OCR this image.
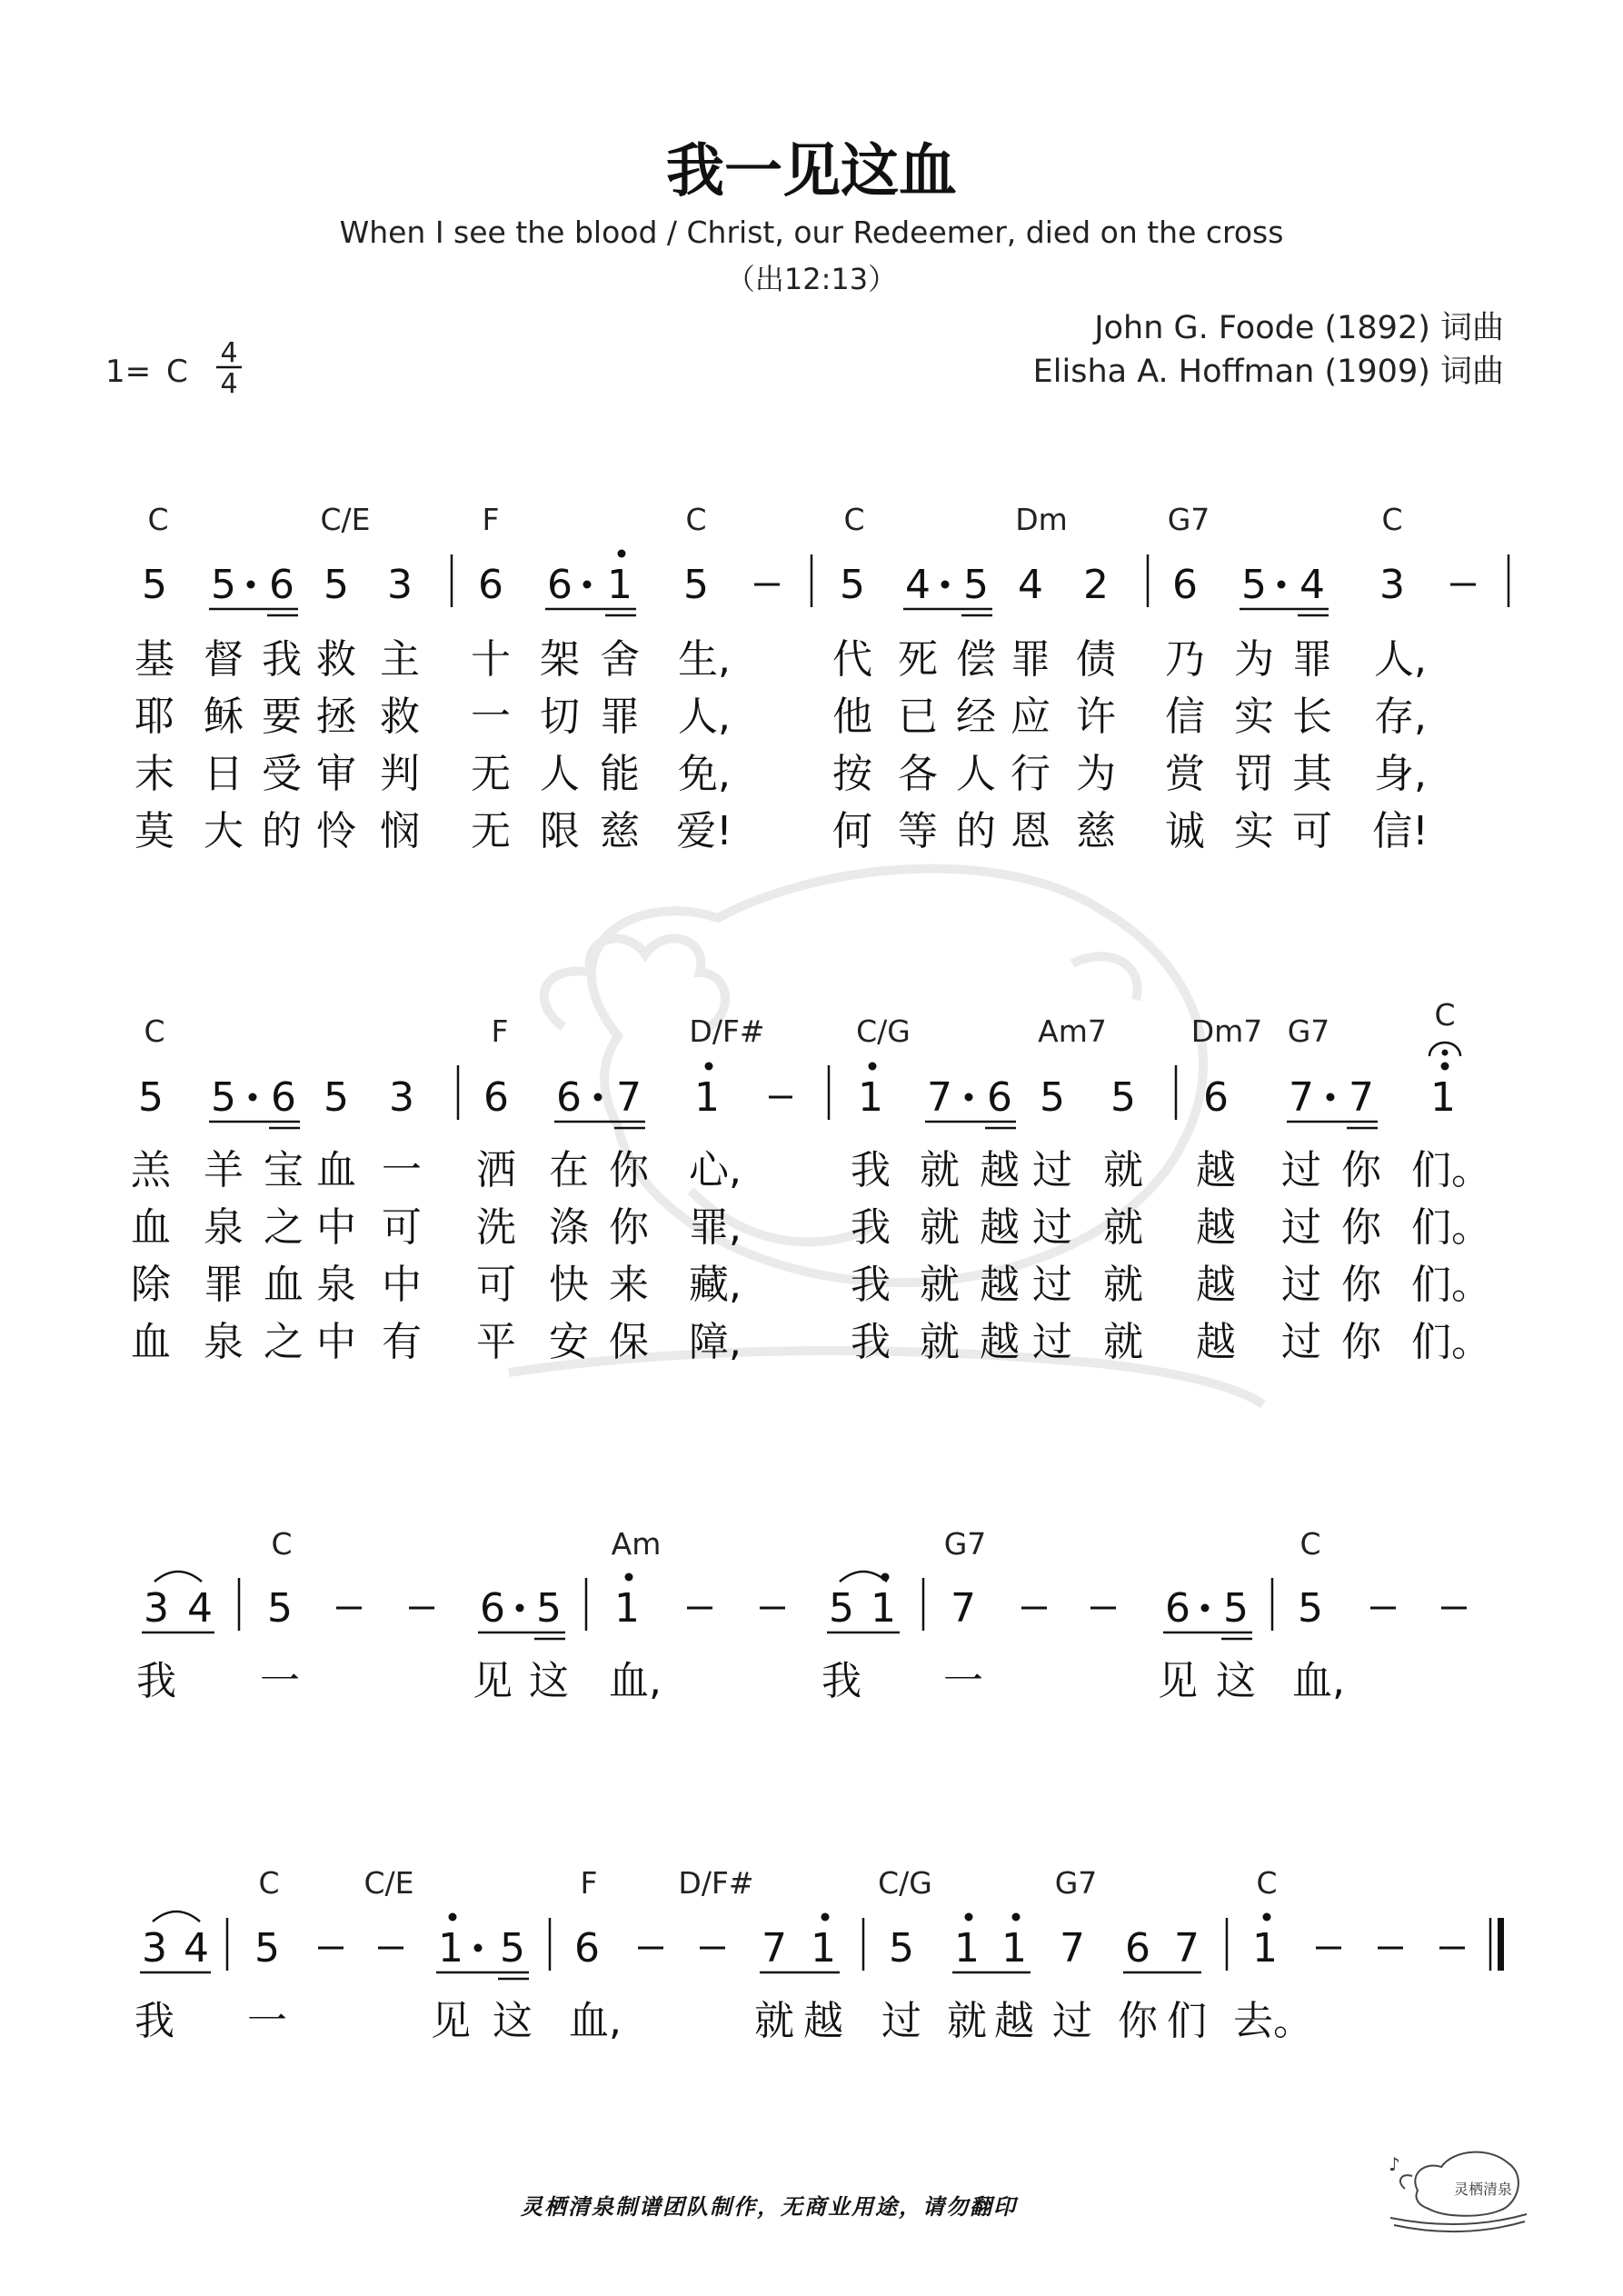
我一见这血
When I see the blood / Christ, our Redeemer, died on the cross
（出12:13）
John G. Foode (1892) 词曲
Elisha A. Hoffman (1909) 词曲
1= C
4
4
C	C/E	F	C	C	Dm	G7	C
5 5 6 5 3 6 6 1 5	5 4 5 4 2 6 5 4 3
基 督 我 救 主 十 架 舍 生,	代 死 偿 罪 债 乃 为 罪 人,
耶 稣 要 拯 救 一 切 罪 人,	他 已 经 应 许 信 实 长 存,
末 日 受 审 判 无 人 能 免,	按 各 人 行 为 赏 罚 其 身,
莫 大 的 怜 悯 无 限 慈 爱!	何 等 的 恩 慈 诚 实 可 信!
C	F	D/F#	C/G	Am7	Dm7 G7	C
5 5 6 5 3 6 6 7 1	1 7 6 5 5 6 7 7 1
羔 羊 宝 血 一 洒 在 你 心,	我 就 越 过 就 越 过 你 们。
血 泉 之 中 可 洗 涤 你 罪,	我 就 越 过 就 越 过 你 们。
除 罪 血 泉 中 可 快 来 藏,	我 就 越 过 就 越 过 你 们。
血 泉 之 中 有 平 安 保 障,	我 就 越 过 就 越 过 你 们。
C	Am	G7	C
3 4 5	6 5 1	5 1 7	6 5 5
我 一	见 这 血,	我 一	见 这 血,
C	C/E	F	D/F#	C/G	G7	C
3 4 5	1 5 6	7 1 5 1 1 7 6 7 1
我 一	见 这 血,	就 越 过 就 越 过 你 们 去。
灵栖清泉制谱团队制作，无商业用途，请勿翻印
灵栖清泉
♪
